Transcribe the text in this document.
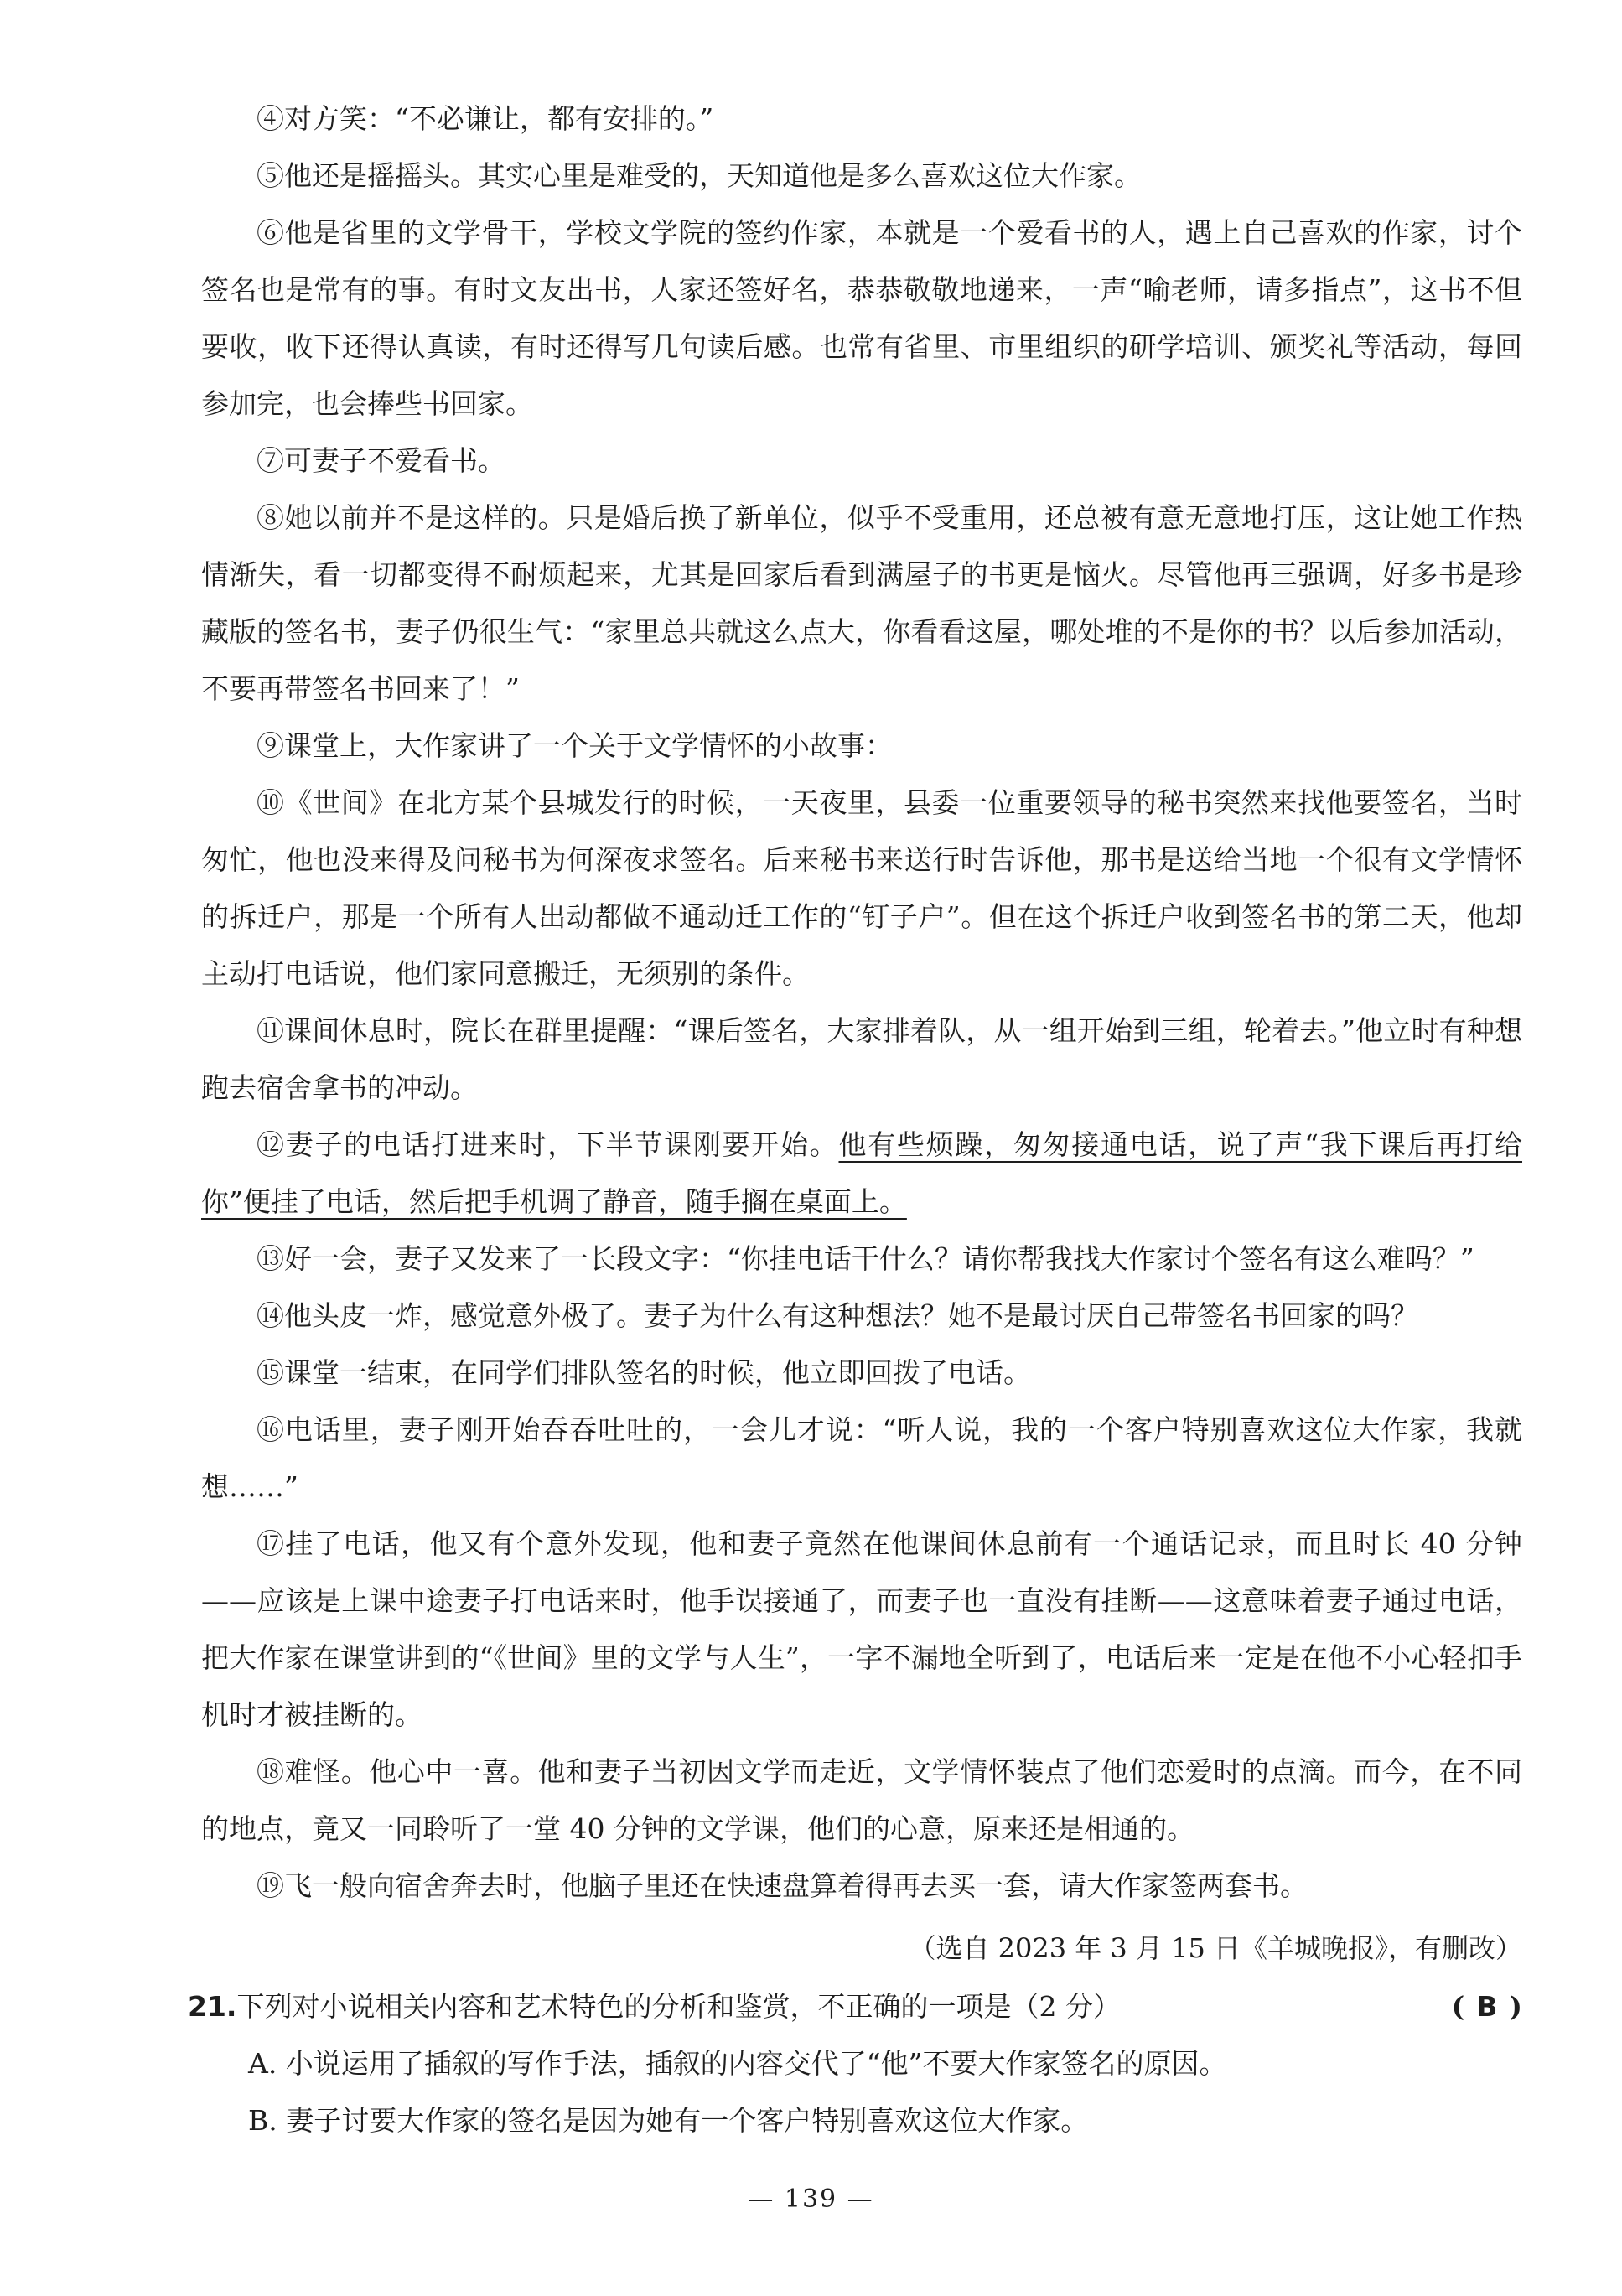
④对方笑：“不必谦让，都有安排的。”

⑤他还是摇摇头。其实心里是难受的，天知道他是多么喜欢这位大作家。

⑥他是省里的文学骨干，学校文学院的签约作家，本就是一个爱看书的人，遇上自己喜欢的作家，讨个签名也是常有的事。有时文友出书，人家还签好名，恭恭敬敬地递来，一声“喻老师，请多指点”，这书不但要收，收下还得认真读，有时还得写几句读后感。也常有省里、市里组织的研学培训、颁奖礼等活动，每回参加完，也会捧些书回家。

⑦可妻子不爱看书。

⑧她以前并不是这样的。只是婚后换了新单位，似乎不受重用，还总被有意无意地打压，这让她工作热情渐失，看一切都变得不耐烦起来，尤其是回家后看到满屋子的书更是恼火。尽管他再三强调，好多书是珍藏版的签名书，妻子仍很生气：“家里总共就这么点大，你看看这屋，哪处堆的不是你的书？以后参加活动，不要再带签名书回来了！”

⑨课堂上，大作家讲了一个关于文学情怀的小故事：

⑩《世间》在北方某个县城发行的时候，一天夜里，县委一位重要领导的秘书突然来找他要签名，当时匆忙，他也没来得及问秘书为何深夜求签名。后来秘书来送行时告诉他，那书是送给当地一个很有文学情怀的拆迁户，那是一个所有人出动都做不通动迁工作的“钉子户”。但在这个拆迁户收到签名书的第二天，他却主动打电话说，他们家同意搬迁，无须别的条件。

⑪课间休息时，院长在群里提醒：“课后签名，大家排着队，从一组开始到三组，轮着去。”他立时有种想跑去宿舍拿书的冲动。

⑫妻子的电话打进来时，下半节课刚要开始。他有些烦躁，匆匆接通电话，说了声“我下课后再打给你”便挂了电话，然后把手机调了静音，随手搁在桌面上。

⑬好一会，妻子又发来了一长段文字：“你挂电话干什么？请你帮我找大作家讨个签名有这么难吗？”

⑭他头皮一炸，感觉意外极了。妻子为什么有这种想法？她不是最讨厌自己带签名书回家的吗？

⑮课堂一结束，在同学们排队签名的时候，他立即回拨了电话。

⑯电话里，妻子刚开始吞吞吐吐的，一会儿才说：“听人说，我的一个客户特别喜欢这位大作家，我就想……”

⑰挂了电话，他又有个意外发现，他和妻子竟然在他课间休息前有一个通话记录，而且时长 40 分钟——应该是上课中途妻子打电话来时，他手误接通了，而妻子也一直没有挂断——这意味着妻子通过电话，把大作家在课堂讲到的“《世间》里的文学与人生”，一字不漏地全听到了，电话后来一定是在他不小心轻扣手机时才被挂断的。

⑱难怪。他心中一喜。他和妻子当初因文学而走近，文学情怀装点了他们恋爱时的点滴。而今，在不同的地点，竟又一同聆听了一堂 40 分钟的文学课，他们的心意，原来还是相通的。

⑲飞一般向宿舍奔去时，他脑子里还在快速盘算着得再去买一套，请大作家签两套书。

（选自 2023 年 3 月 15 日《羊城晚报》，有删改）
21.下列对小说相关内容和艺术特色的分析和鉴赏，不正确的一项是（2 分）	( B )
A. 小说运用了插叙的写作手法，插叙的内容交代了“他”不要大作家签名的原因。
B. 妻子讨要大作家的签名是因为她有一个客户特别喜欢这位大作家。
— 139 —
